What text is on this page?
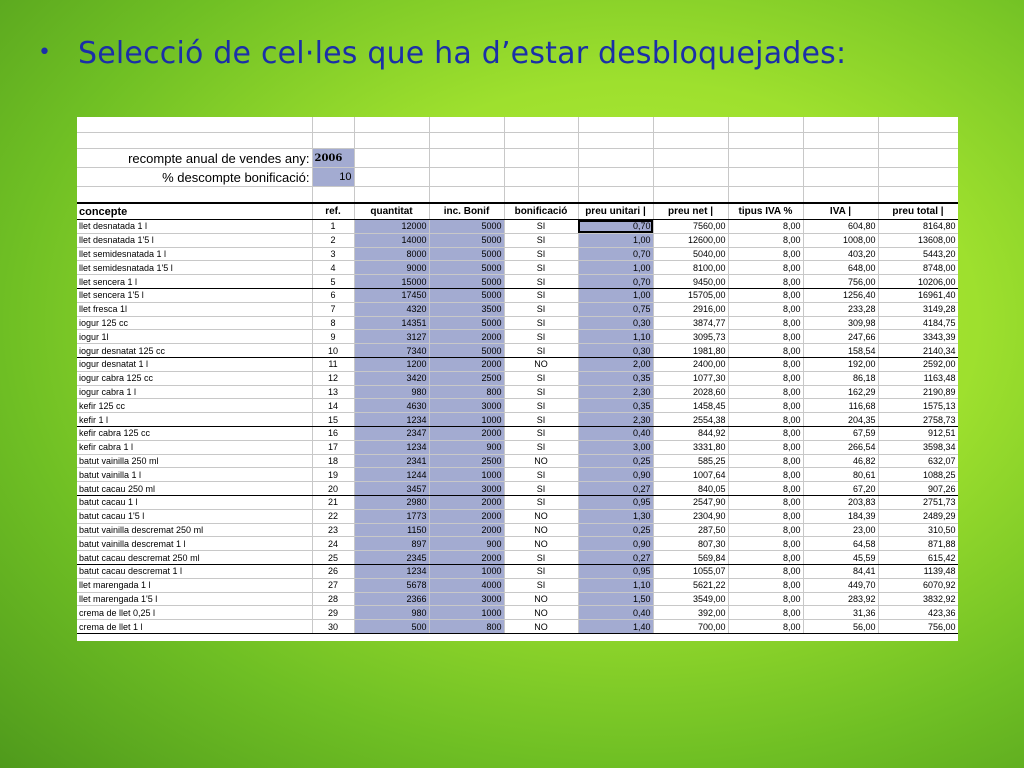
• Selecció de cel·les que ha d’estar desbloquejades:

recompte anual de vendes any:	2006								
% descompte bonificació:	10								

concepte	ref.	quantitat	inc. Bonif	bonificació	preu unitari |	preu net |	tipus IVA %	IVA |	preu total |
llet desnatada 1 l	1	12000	5000	SI	0,70	7560,00	8,00	604,80	8164,80
llet desnatada 1'5 l	2	14000	5000	SI	1,00	12600,00	8,00	1008,00	13608,00
llet semidesnatada 1 l	3	8000	5000	SI	0,70	5040,00	8,00	403,20	5443,20
llet semidesnatada 1'5 l	4	9000	5000	SI	1,00	8100,00	8,00	648,00	8748,00
llet sencera 1 l	5	15000	5000	SI	0,70	9450,00	8,00	756,00	10206,00
llet sencera 1'5 l	6	17450	5000	SI	1,00	15705,00	8,00	1256,40	16961,40
llet fresca 1l	7	4320	3500	SI	0,75	2916,00	8,00	233,28	3149,28
iogur 125 cc	8	14351	5000	SI	0,30	3874,77	8,00	309,98	4184,75
iogur 1l	9	3127	2000	SI	1,10	3095,73	8,00	247,66	3343,39
iogur desnatat 125 cc	10	7340	5000	SI	0,30	1981,80	8,00	158,54	2140,34
iogur desnatat 1 l	11	1200	2000	NO	2,00	2400,00	8,00	192,00	2592,00
iogur cabra 125 cc	12	3420	2500	SI	0,35	1077,30	8,00	86,18	1163,48
iogur cabra 1 l	13	980	800	SI	2,30	2028,60	8,00	162,29	2190,89
kefir 125 cc	14	4630	3000	SI	0,35	1458,45	8,00	116,68	1575,13
kefir 1 l	15	1234	1000	SI	2,30	2554,38	8,00	204,35	2758,73
kefir cabra 125 cc	16	2347	2000	SI	0,40	844,92	8,00	67,59	912,51
kefir cabra 1 l	17	1234	900	SI	3,00	3331,80	8,00	266,54	3598,34
batut vainilla 250 ml	18	2341	2500	NO	0,25	585,25	8,00	46,82	632,07
batut vainilla 1 l	19	1244	1000	SI	0,90	1007,64	8,00	80,61	1088,25
batut cacau 250 ml	20	3457	3000	SI	0,27	840,05	8,00	67,20	907,26
batut cacau 1 l	21	2980	2000	SI	0,95	2547,90	8,00	203,83	2751,73
batut cacau 1'5 l	22	1773	2000	NO	1,30	2304,90	8,00	184,39	2489,29
batut vainilla descremat 250 ml	23	1150	2000	NO	0,25	287,50	8,00	23,00	310,50
batut vainilla descremat 1 l	24	897	900	NO	0,90	807,30	8,00	64,58	871,88
batut cacau descremat 250 ml	25	2345	2000	SI	0,27	569,84	8,00	45,59	615,42
batut cacau descremat 1 l	26	1234	1000	SI	0,95	1055,07	8,00	84,41	1139,48
llet marengada 1 l	27	5678	4000	SI	1,10	5621,22	8,00	449,70	6070,92
llet marengada 1'5 l	28	2366	3000	NO	1,50	3549,00	8,00	283,92	3832,92
crema de llet 0,25 l	29	980	1000	NO	0,40	392,00	8,00	31,36	423,36
crema de llet 1 l	30	500	800	NO	1,40	700,00	8,00	56,00	756,00
